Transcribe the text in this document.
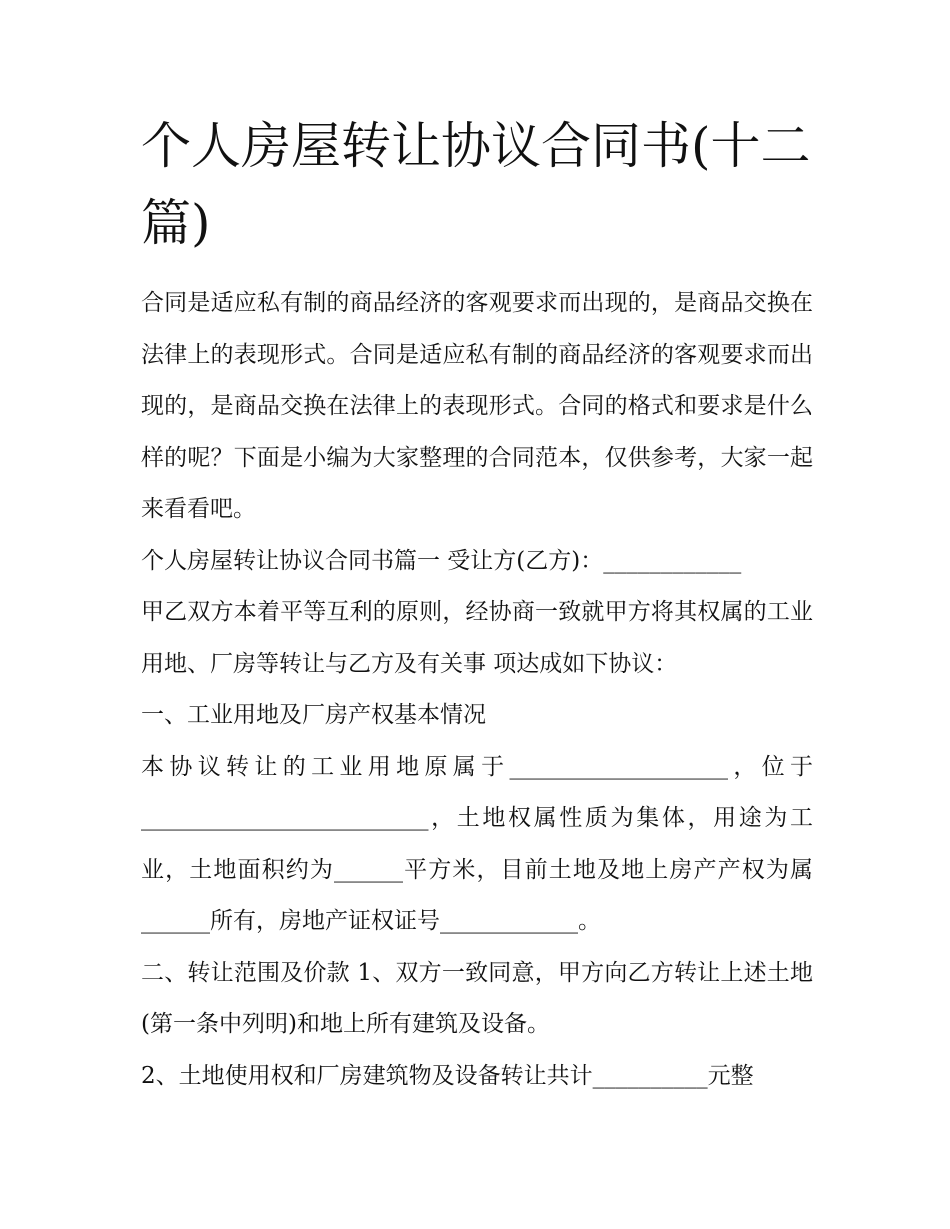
个人房屋转让协议合同书(十二篇)

合同是适应私有制的商品经济的客观要求而出现的，是商品交换在法律上的表现形式。合同是适应私有制的商品经济的客观要求而出现的，是商品交换在法律上的表现形式。合同的格式和要求是什么样的呢？下面是小编为大家整理的合同范本，仅供参考，大家一起来看看吧。

个人房屋转让协议合同书篇一 受让方(乙方)：____________

甲乙双方本着平等互利的原则，经协商一致就甲方将其权属的工业用地、厂房等转让与乙方及有关事 项达成如下协议：

一、工业用地及厂房产权基本情况

本协议转让的工业用地原属于___________________，位于_________________________，土地权属性质为集体，用途为工业，土地面积约为______平方米，目前土地及地上房产产权为属______所有，房地产证权证号____________。

二、转让范围及价款 1、双方一致同意，甲方向乙方转让上述土地(第一条中列明)和地上所有建筑及设备。

2、土地使用权和厂房建筑物及设备转让共计__________元整
